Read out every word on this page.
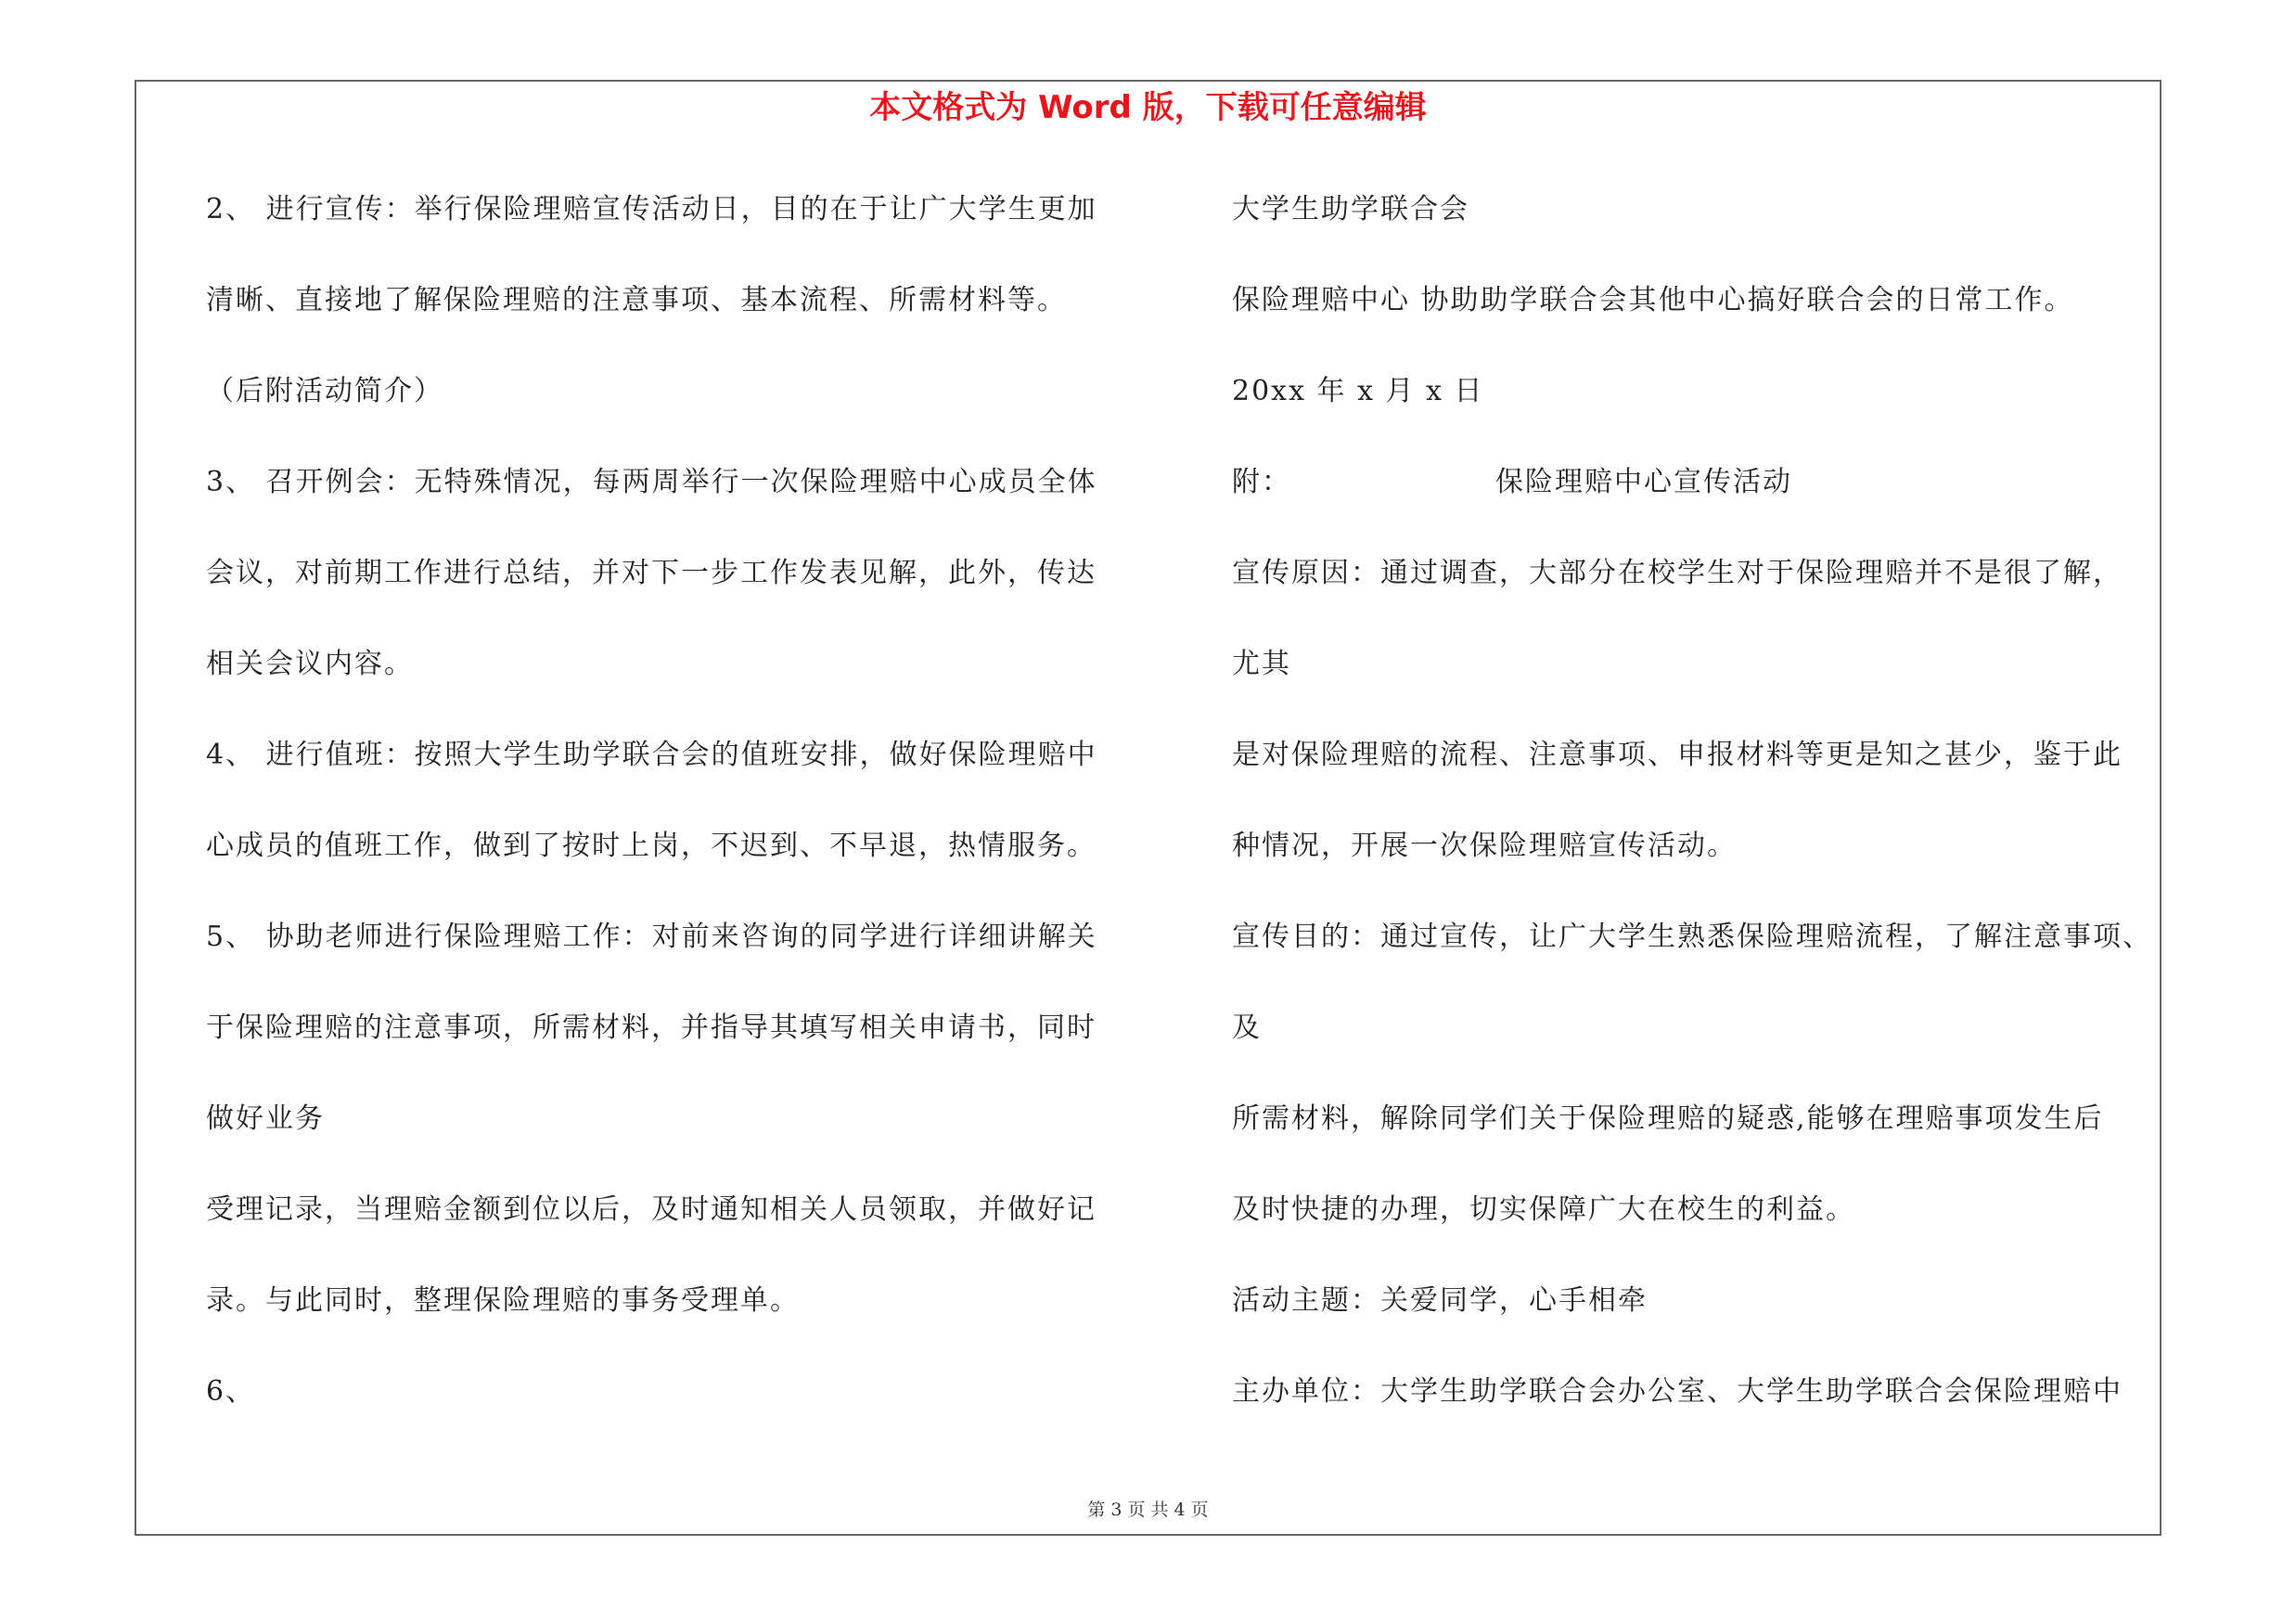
本文格式为 Word 版，下载可任意编辑
2、 进行宣传：举行保险理赔宣传活动日，目的在于让广大学生更加
清晰、直接地了解保险理赔的注意事项、基本流程、所需材料等。
（后附活动简介）
3、 召开例会：无特殊情况，每两周举行一次保险理赔中心成员全体
会议，对前期工作进行总结，并对下一步工作发表见解，此外，传达
相关会议内容。
4、 进行值班：按照大学生助学联合会的值班安排，做好保险理赔中
心成员的值班工作，做到了按时上岗，不迟到、不早退，热情服务。
5、 协助老师进行保险理赔工作：对前来咨询的同学进行详细讲解关
于保险理赔的注意事项，所需材料，并指导其填写相关申请书，同时
做好业务
受理记录，当理赔金额到位以后，及时通知相关人员领取，并做好记
录。与此同时，整理保险理赔的事务受理单。
6、
大学生助学联合会
保险理赔中心 协助助学联合会其他中心搞好联合会的日常工作。
20xx 年 x 月 x 日
附：	保险理赔中心宣传活动
宣传原因：通过调查，大部分在校学生对于保险理赔并不是很了解，
尤其
是对保险理赔的流程、注意事项、申报材料等更是知之甚少，鉴于此
种情况，开展一次保险理赔宣传活动。
宣传目的：通过宣传，让广大学生熟悉保险理赔流程，了解注意事项、
及
所需材料，解除同学们关于保险理赔的疑惑,能够在理赔事项发生后
及时快捷的办理，切实保障广大在校生的利益。
活动主题：关爱同学，心手相牵
主办单位：大学生助学联合会办公室、大学生助学联合会保险理赔中
第 3 页 共 4 页
